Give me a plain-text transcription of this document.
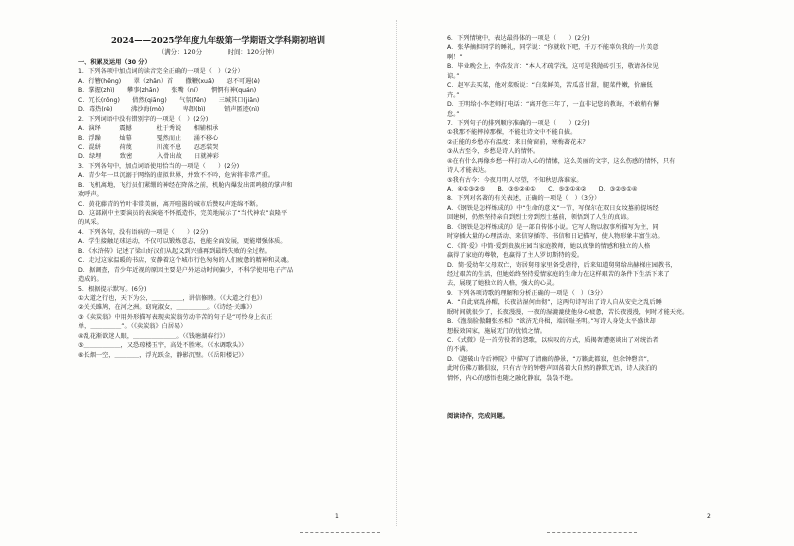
2024——2025学年度九年级第一学期语文学科期初培训
（满分：120分　　　　时间：120分钟）
一、积累及运用（30 分）
1．下列各项中加点词的读音完全正确的一项是（　）（2分）
A．行簪(hēng)　　翠（zhān）首　　撒鞭(xuǎ)　　忍不可遏(è)
B．掌握(zhì)　　攀事(zhān)　　张嘴（ní）　　惘惘有神(quán)
C．冗长(rǒng)　　倩然(qiāng)　　气氛(fēn)　　三缄其口(jiān)
D．毒热(rè)　　　沸沙海(mò)　　　卑卸(bì)　　　销声匿迹(nì)
2．下列词语中没有错别字的一项是（　）(2分)
A．演绎　　　震撼　　　　杜于秀说　　相辅相承
B．浮躁　　　灿幕　　　　戛然而止　　涌不移心
C．混絣　　　荷蔑　　　　川流不息　　忍恶装哭
D．绿埋　　　致密　　　　入骨出故　　日就神彩
3．下列各句中，加点词语使用恰当的一项是（　　）(2分)
A．青少年一旦沉溺于网络的虚拟世界，并致不不吟，危害将非常严重。
B．飞机离地，飞行员们紧绷的神经在降落之前，机舱内爆发出雷鸣般的掌声和
欢呼声。
C．黄花藤青的竹叶非常美丽，离开喧嚣的城市后赞叹声连绵不断。
D．这部剧中主要演员的表演毫不怀抵造作，完美地展示了“当代神农”袁隆平
的风采。
4．下列各句，没有语病的一项是（　　）(2分)
A．学生接触足球运动，不仅可以锻炼意志，也能全面发展，更能增强体质。
B．《水浒传》记述了梁山好汉们从起义到兴盛再到最终失败的全过程。
C．走过这家温暖的书店，安静着这个城市行色匆匆的人们疲惫的精神和灵魂。
D．据调查，青少年近视的原因主要是户外运动时间偏少，不科学使用电子产品
造成的。
5．根据提示默写。(6分)
①大道之行也，天下为公，＿＿＿＿＿，讲信修睦。（《大道之行也》）
②关关雎鸠，在河之洲。窈窕淑女，＿＿＿＿＿。（《诗经·关雎》）
③《卖炭翁》中用外形描写表现卖炭翁劳动辛苦的句子是“可怜身上衣正
单，＿＿＿＿＿”。（《卖炭翁》白居易）
④乱花渐欲迷人眼，＿＿＿＿＿＿＿。（《钱塘湖春行》）
⑤＿＿＿＿＿＿，又恐琼楼玉宇，高处不胜寒。（《水调歌头》）
⑥长烟一空，＿＿＿＿，浮光跃金，静影沉璧。（《岳阳楼记》）
1
6．下列情境中，表达最得体的一项是（　　）(2分)
A．张华摘担同学的睡礼，同学说：“你就收下吧，千万不能辜负我的一片美意
啊！”
B．毕业晚会上，李浩发言：“本人才疏学浅，这可是我抛砖引玉，敬请各位见
谅。”
C．赵军去买菜，他对菜贩说：“白菜鲜美，苦瓜喜甘甜，腿菜件嫩，价廉低
卉。”
D．王明给小李老师打电话：“离开您三年了，一直非记您的教诲，不敢稍有懈
怠。”
7．下列句子的排列顺序准确的一项是（　　）(2分)
①我那不能摔掉那棵，不能壮诗文中不能自拔。
②正能的乡愁亦有温度：来日倚窗前，寒梅著花未？
③从古至今，乡愁是诗人的情怀。
④在有什么再像乡愁一样打动人心的情愫，这么美丽的文字，这么伤感的情怀，只有
诗人才能表达。
⑤我有古今：今夜月明人尽望，不知秋思落谁家。
A．④①③②⑤　　B．③⑤②④①　　C．⑤③①④②　　D．③②⑤①④
8．下列对名著的有关表述，正确的一项是（　）（3分）
A．《钢铁是怎样炼成的》中“生命的意义”一节，写保尔在双日女坟墓前提场经
回建树，仍然坚持亲自到烈士旁到烈士墓前，领悟到了人生的真谛。
B．《钢铁是怎样炼成的》是一部自传体小说。它写人物以叙事所描写为主，同
时穿插大量的心理活动、来信穿插等、书信和日记描写，使人物形象丰富生动。
C．《简·爱》中简·爱到贵族庄园当家庭教师，她以真挚的情感和独立的人格
赢得了家庭的尊敬，也赢得了主人罗切斯特的爱。
D．简·爱幼年父母双亡，寄居舅母家里备受虐待，后来知道舅舅给出赫梯庄园教书，
经过艰苦的生活，但她始终坚持爱情家庭的生命力在这样艰苦的条件下生活下来了
去，展现了她独立的人格，强大的心灵。
9．下列各项诗歌的理解和分析正确的一项是（　）（3分）
A．“自此衰乱孙醒，长夜沾湿何由彻”，这两句诗写出了诗人自从安史之乱后睡
眠时间就很少了，长夜漫漫，一夜的湿漉漉使他身心疲惫，苦长夜漫漫，何时才能天亮。
B．《渔翁脸傲翻张丞相》“欲济无舟楫，端居耻圣明。”写诗人身处太平盛世却
想报效国家，施展无门的忧愤之情。
C．《式微》是一首劳役者的怨歌，以疾叹的方式，质揭奢遭驱谈出了对统治者
的不满。
D．《题破山寺后禅院》中描写了清幽的静景，“万籁此都寂，但余钟磬音”，
此时仿佛万籁俱寂，只有古寺的钟磬声回荡着大自然的静默无语，诗人淡泊的
情怀，内心的感悟也随之融化静寂，袅袅不绝。
阅读诗作，完成问题。
2
